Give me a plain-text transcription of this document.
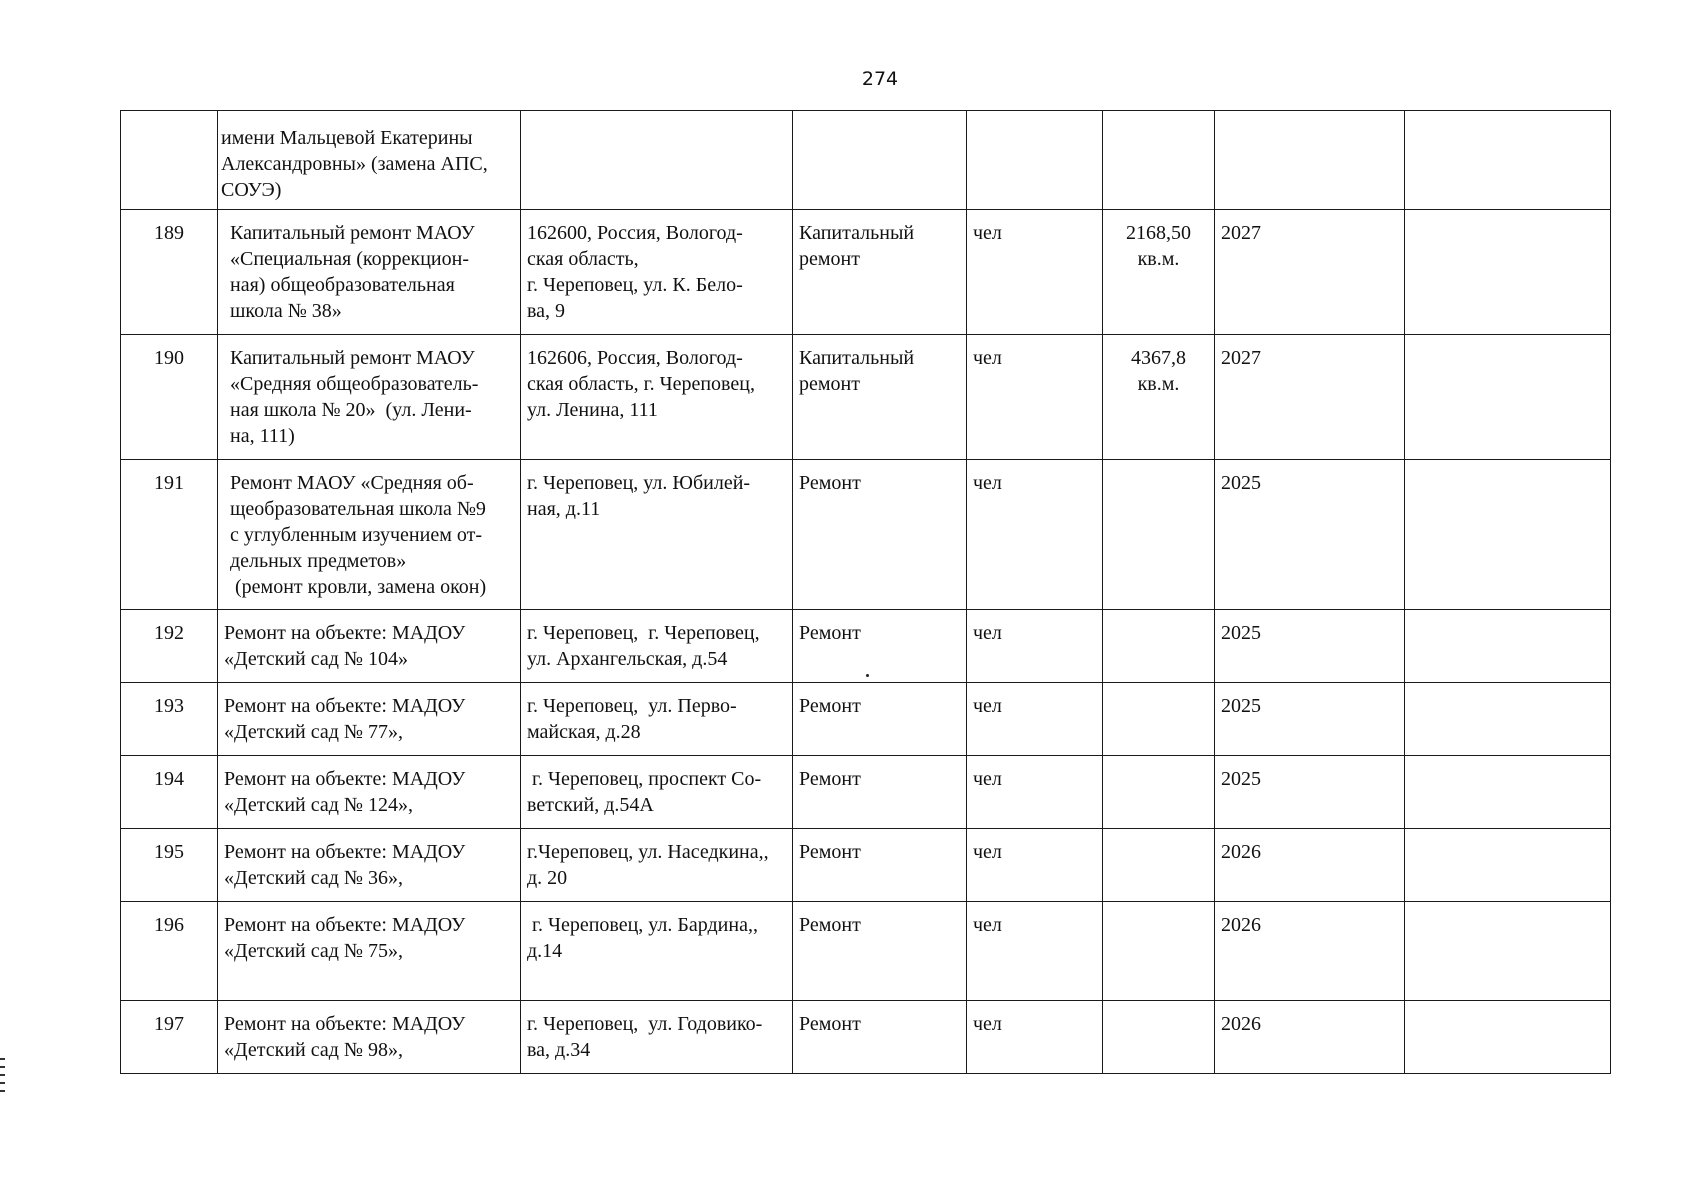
274

	имени Мальцевой Екатерины
Александровны» (замена АПС,
СОУЭ)						

189	Капитальный ремонт МАОУ
«Специальная (коррекцион-
ная) общеобразовательная
школа № 38»	162600, Россия, Вологод-
ская область,
г. Череповец, ул. К. Бело-
ва, 9	Капитальный
ремонт	чел	2168,50
кв.м.	2027	
190	Капитальный ремонт МАОУ
«Средняя общеобразователь-
ная школа № 20»  (ул. Лени-
на, 111)	162606, Россия, Вологод-
ская область, г. Череповец,
ул. Ленина, 111	Капитальный
ремонт	чел	4367,8
кв.м.	2027	
191	Ремонт МАОУ «Средняя об-
щеобразовательная школа №9
с углубленным изучением от-
дельных предметов»
(ремонт кровли, замена окон)	г. Череповец, ул. Юбилей-
ная, д.11	Ремонт	чел		2025	
192	Ремонт на объекте: МАДОУ
«Детский сад № 104»	г. Череповец,  г. Череповец,
ул. Архангельская, д.54	Ремонт	чел		2025	
193	Ремонт на объекте: МАДОУ
«Детский сад № 77»,	г. Череповец,  ул. Перво-
майская, д.28	Ремонт	чел		2025	
194	Ремонт на объекте: МАДОУ
«Детский сад № 124»,	г. Череповец, проспект Со-
ветский, д.54А	Ремонт	чел		2025	
195	Ремонт на объекте: МАДОУ
«Детский сад № 36»,	г.Череповец, ул. Наседкина,,
д. 20	Ремонт	чел		2026	
196	Ремонт на объекте: МАДОУ
«Детский сад № 75»,	г. Череповец, ул. Бардина,,
д.14	Ремонт	чел		2026	
197	Ремонт на объекте: МАДОУ
«Детский сад № 98»,	г. Череповец,  ул. Годовико-
ва, д.34	Ремонт	чел		2026	
